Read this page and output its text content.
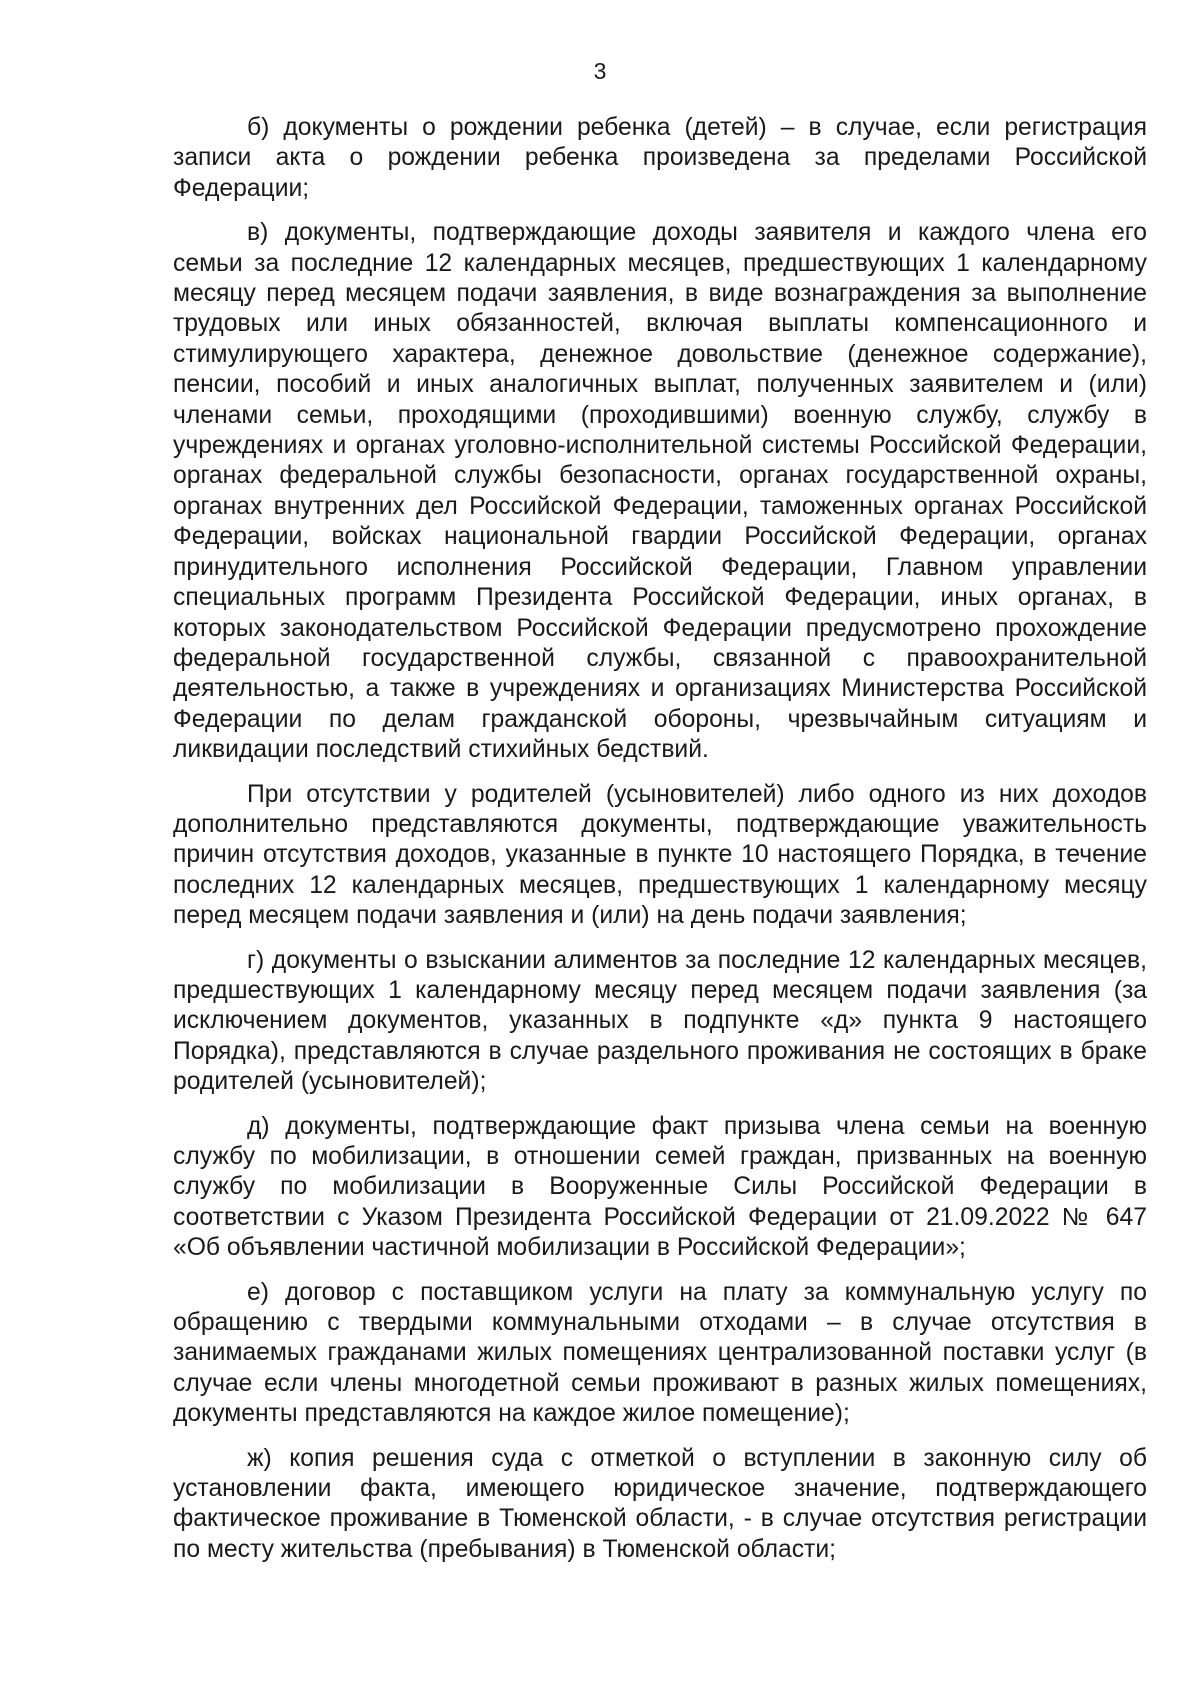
3

б) документы о рождении ребенка (детей) – в случае, если регистрация записи акта о рождении ребенка произведена за пределами Российской Федерации;

в) документы, подтверждающие доходы заявителя и каждого члена его семьи за последние 12 календарных месяцев, предшествующих 1 календарному месяцу перед месяцем подачи заявления, в виде вознаграждения за выполнение трудовых или иных обязанностей, включая выплаты компенсационного и стимулирующего характера, денежное довольствие (денежное содержание), пенсии, пособий и иных аналогичных выплат, полученных заявителем и (или) членами семьи, проходящими (проходившими) военную службу, службу в учреждениях и органах уголовно-исполнительной системы Российской Федерации, органах федеральной службы безопасности, органах государственной охраны, органах внутренних дел Российской Федерации, таможенных органах Российской Федерации, войсках национальной гвардии Российской Федерации, органах принудительного исполнения Российской Федерации, Главном управлении специальных программ Президента Российской Федерации, иных органах, в которых законодательством Российской Федерации предусмотрено прохождение федеральной государственной службы, связанной с правоохранительной деятельностью, а также в учреждениях и организациях Министерства Российской Федерации по делам гражданской обороны, чрезвычайным ситуациям и ликвидации последствий стихийных бедствий.

При отсутствии у родителей (усыновителей) либо одного из них доходов дополнительно представляются документы, подтверждающие уважительность причин отсутствия доходов, указанные в пункте 10 настоящего Порядка, в течение последних 12 календарных месяцев, предшествующих 1 календарному месяцу перед месяцем подачи заявления и (или) на день подачи заявления;

г) документы о взыскании алиментов за последние 12 календарных месяцев, предшествующих 1 календарному месяцу перед месяцем подачи заявления (за исключением документов, указанных в подпункте «д» пункта 9 настоящего Порядка), представляются в случае раздельного проживания не состоящих в браке родителей (усыновителей);

д) документы, подтверждающие факт призыва члена семьи на военную службу по мобилизации, в отношении семей граждан, призванных на военную службу по мобилизации в Вооруженные Силы Российской Федерации в соответствии с Указом Президента Российской Федерации от 21.09.2022 № 647 «Об объявлении частичной мобилизации в Российской Федерации»;

е) договор с поставщиком услуги на плату за коммунальную услугу по обращению с твердыми коммунальными отходами – в случае отсутствия в занимаемых гражданами жилых помещениях централизованной поставки услуг (в случае если члены многодетной семьи проживают в разных жилых помещениях, документы представляются на каждое жилое помещение);

ж) копия решения суда с отметкой о вступлении в законную силу об установлении факта, имеющего юридическое значение, подтверждающего фактическое проживание в Тюменской области, - в случае отсутствия регистрации по месту жительства (пребывания) в Тюменской области;
